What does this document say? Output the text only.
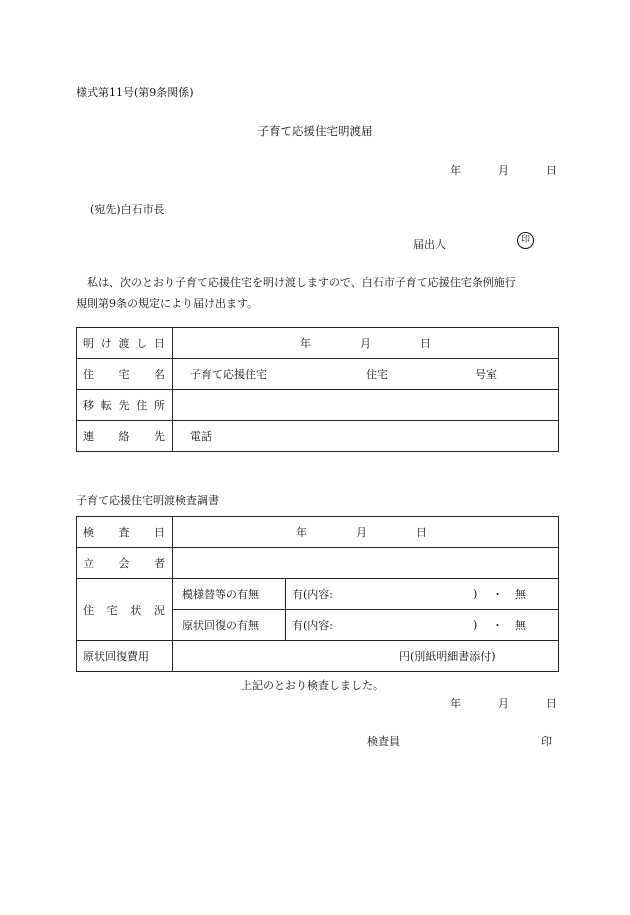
様式第11号(第9条関係)
子育て応援住宅明渡届
年	月	日
(宛先)白石市長
届出人	印
私は、次のとおり子育て応援住宅を明け渡しますので、白石市子育て応援住宅条例施行
規則第9条の規定により届け出ます。
明 け 渡 し 日	年 月 日

住 宅 名	子育て応援住宅 住宅 号室

移 転 先 住 所	

連 絡 先	電話
子育て応援住宅明渡検査調書
検 査 日	年 月 日	

立 会 者		

住 宅 状 況	模様替等の有無	有(内容: ) ・ 無

	原状回復の有無	有(内容: ) ・ 無

原状回復費用	円(別紙明細書添付)	
上記のとおり検査しました。
年	月	日
検査員	印
